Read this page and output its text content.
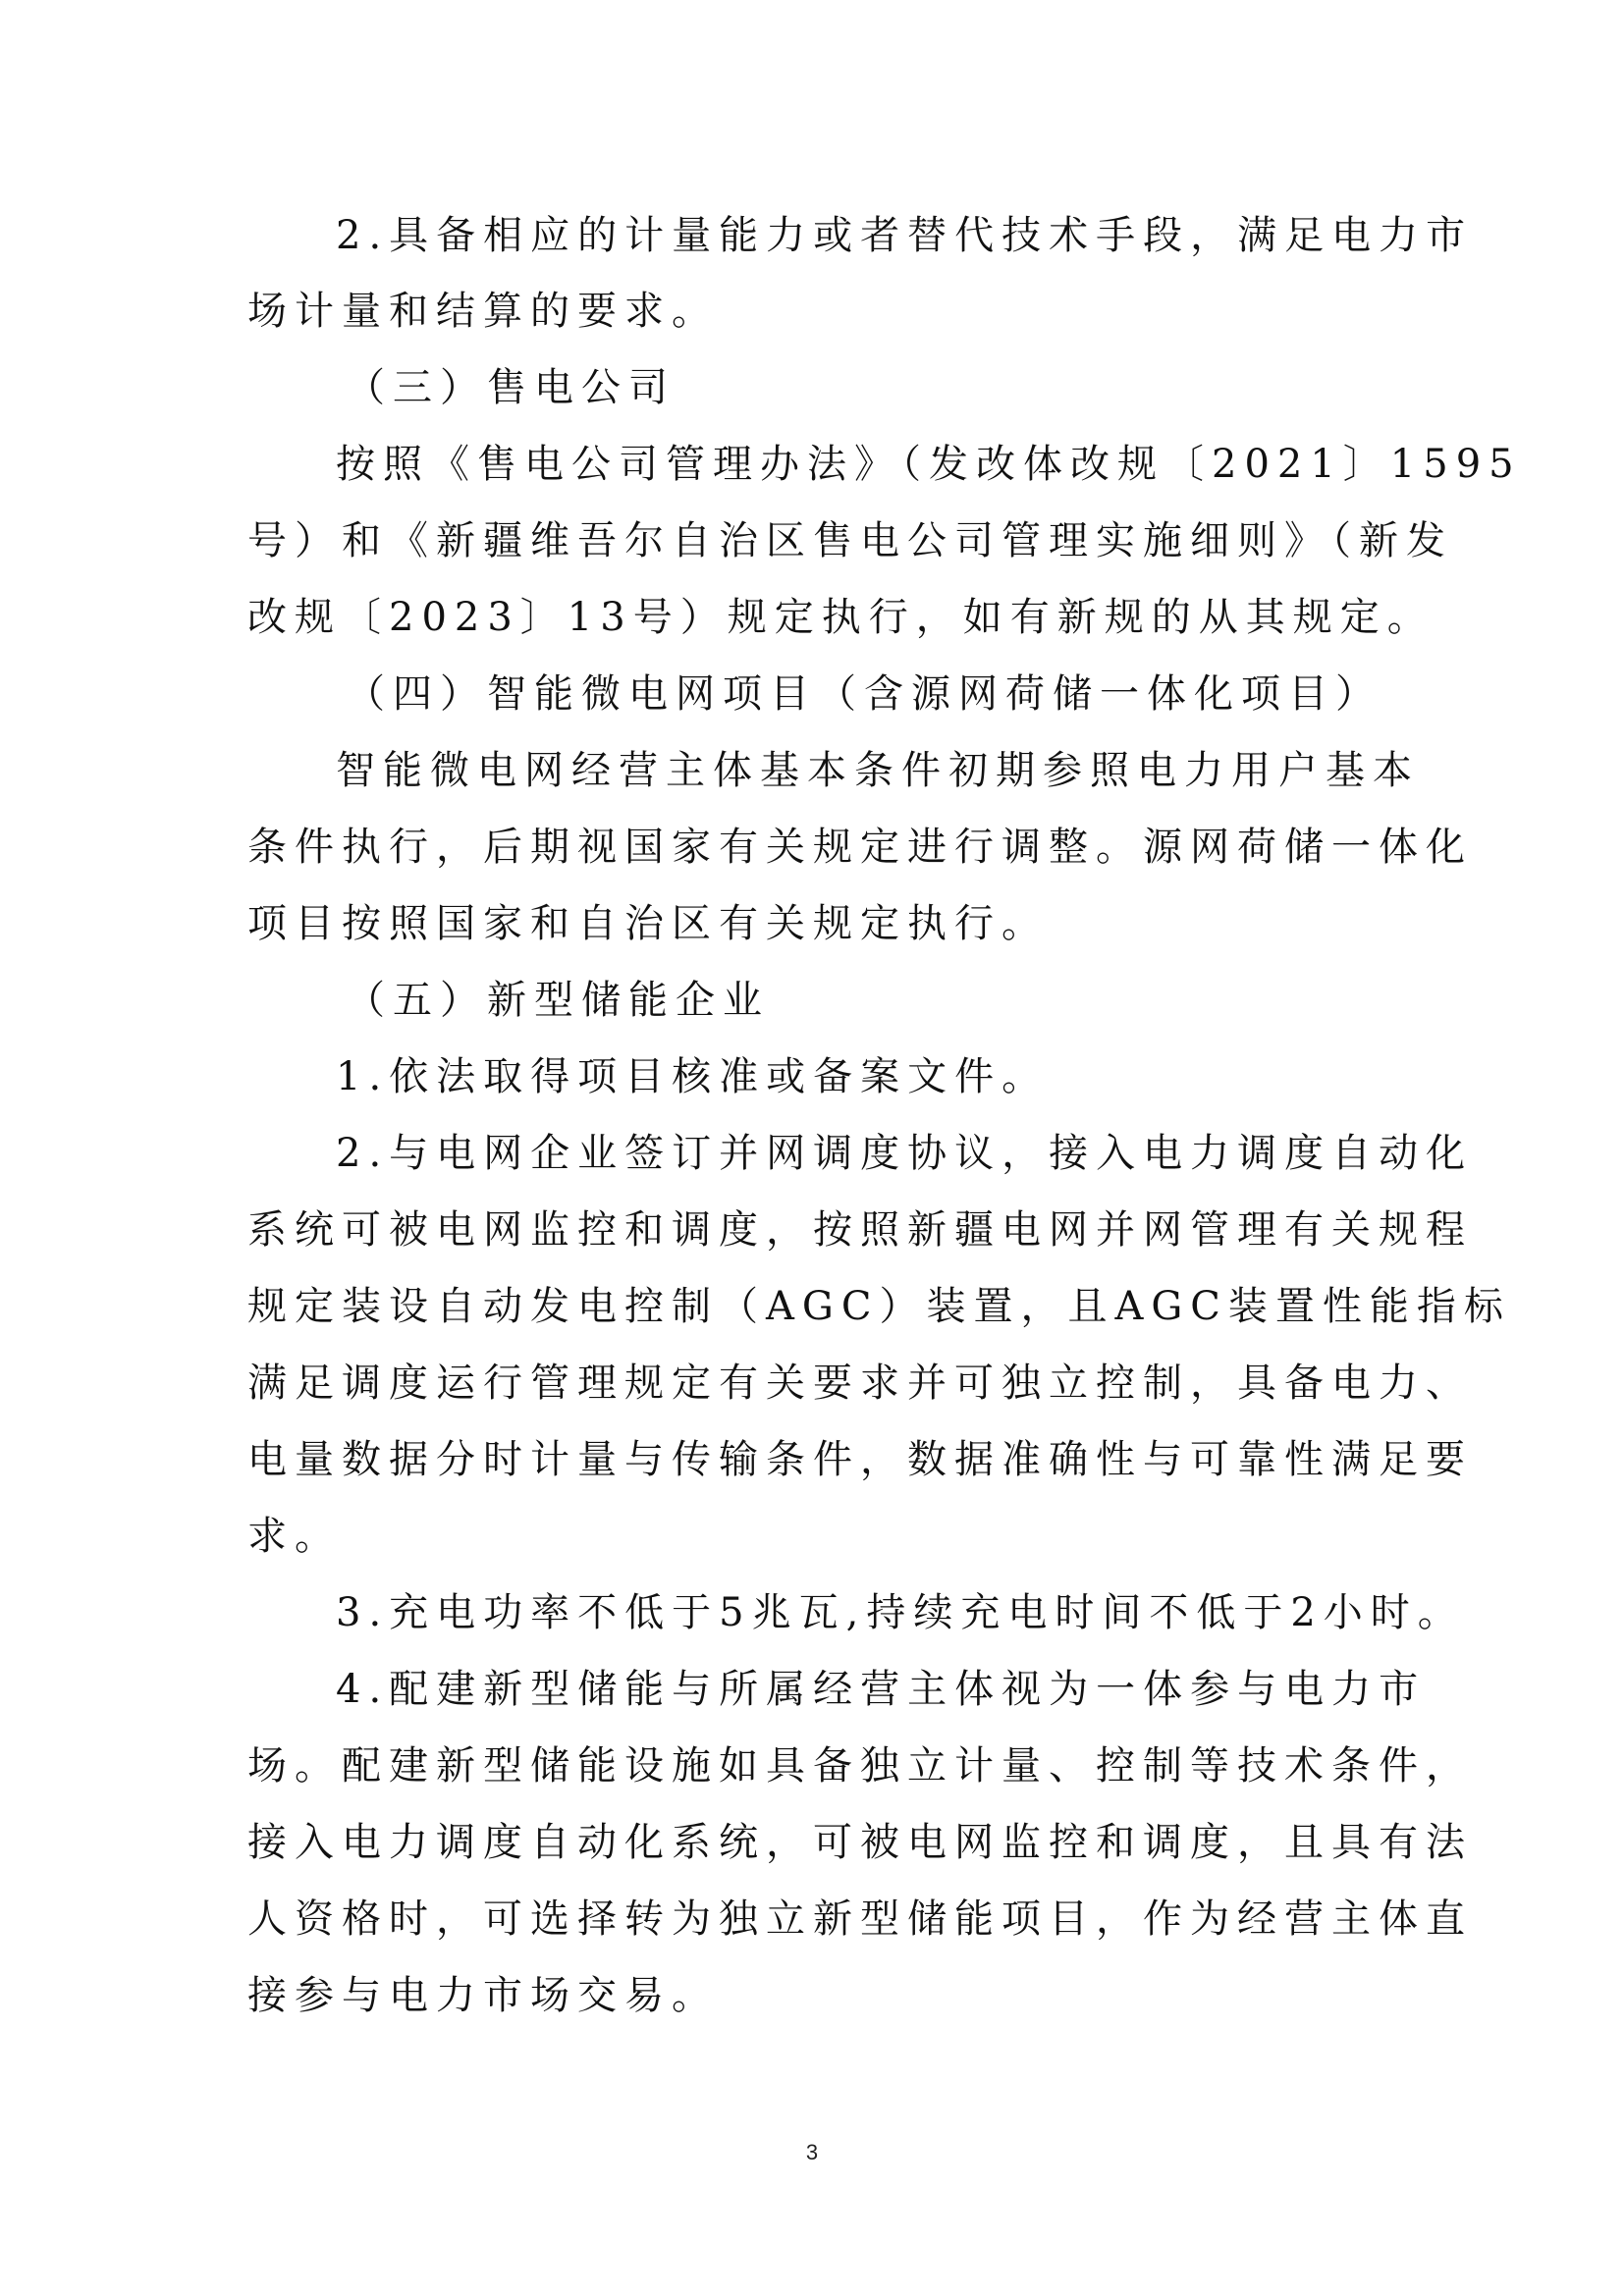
2.具备相应的计量能力或者替代技术手段，满足电力市
场计量和结算的要求。
（三）售电公司
按照《售电公司管理办法》（发改体改规〔2021〕1595
号）和《新疆维吾尔自治区售电公司管理实施细则》（新发
改规〔2023〕13号）规定执行，如有新规的从其规定。
（四）智能微电网项目（含源网荷储一体化项目）
智能微电网经营主体基本条件初期参照电力用户基本
条件执行，后期视国家有关规定进行调整。源网荷储一体化
项目按照国家和自治区有关规定执行。
（五）新型储能企业
1.依法取得项目核准或备案文件。
2.与电网企业签订并网调度协议，接入电力调度自动化
系统可被电网监控和调度，按照新疆电网并网管理有关规程
规定装设自动发电控制（AGC）装置，且AGC装置性能指标
满足调度运行管理规定有关要求并可独立控制，具备电力、
电量数据分时计量与传输条件，数据准确性与可靠性满足要
求。
3.充电功率不低于5兆瓦,持续充电时间不低于2小时。
4.配建新型储能与所属经营主体视为一体参与电力市
场。配建新型储能设施如具备独立计量、控制等技术条件，
接入电力调度自动化系统，可被电网监控和调度，且具有法
人资格时，可选择转为独立新型储能项目，作为经营主体直
接参与电力市场交易。
3
